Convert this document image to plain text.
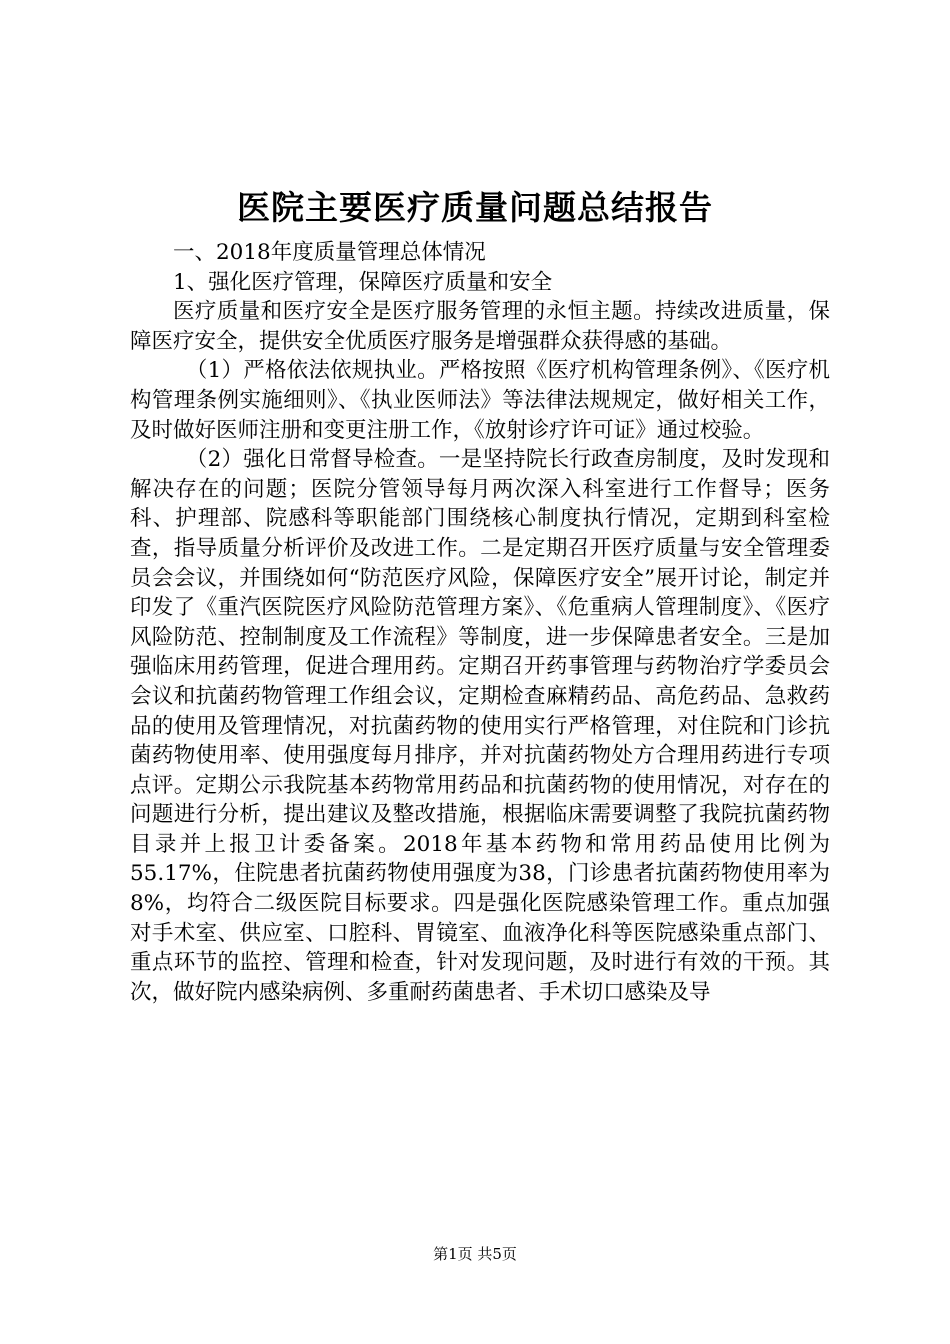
医院主要医疗质量问题总结报告

一、2018年度质量管理总体情况

1、强化医疗管理，保障医疗质量和安全

医疗质量和医疗安全是医疗服务管理的永恒主题。持续改进质量，保障医疗安全，提供安全优质医疗服务是增强群众获得感的基础。

（1）严格依法依规执业。严格按照《医疗机构管理条例》、《医疗机构管理条例实施细则》、《执业医师法》等法律法规规定，做好相关工作，及时做好医师注册和变更注册工作，《放射诊疗许可证》通过校验。

（2）强化日常督导检查。一是坚持院长行政查房制度，及时发现和解决存在的问题；医院分管领导每月两次深入科室进行工作督导；医务科、护理部、院感科等职能部门围绕核心制度执行情况，定期到科室检查，指导质量分析评价及改进工作。二是定期召开医疗质量与安全管理委员会会议，并围绕如何“防范医疗风险，保障医疗安全”展开讨论，制定并印发了《重汽医院医疗风险防范管理方案》、《危重病人管理制度》、《医疗风险防范、控制制度及工作流程》等制度，进一步保障患者安全。三是加强临床用药管理，促进合理用药。定期召开药事管理与药物治疗学委员会会议和抗菌药物管理工作组会议，定期检查麻精药品、高危药品、急救药品的使用及管理情况，对抗菌药物的使用实行严格管理，对住院和门诊抗菌药物使用率、使用强度每月排序，并对抗菌药物处方合理用药进行专项点评。定期公示我院基本药物常用药品和抗菌药物的使用情况，对存在的问题进行分析，提出建议及整改措施，根据临床需要调整了我院抗菌药物目录并上报卫计委备案。2018年基本药物和常用药品使用比例为55.17%，住院患者抗菌药物使用强度为38，门诊患者抗菌药物使用率为8%，均符合二级医院目标要求。四是强化医院感染管理工作。重点加强对手术室、供应室、口腔科、胃镜室、血液净化科等医院感染重点部门、重点环节的监控、管理和检查，针对发现问题，及时进行有效的干预。其次，做好院内感染病例、多重耐药菌患者、手术切口感染及导

第1页 共5页
